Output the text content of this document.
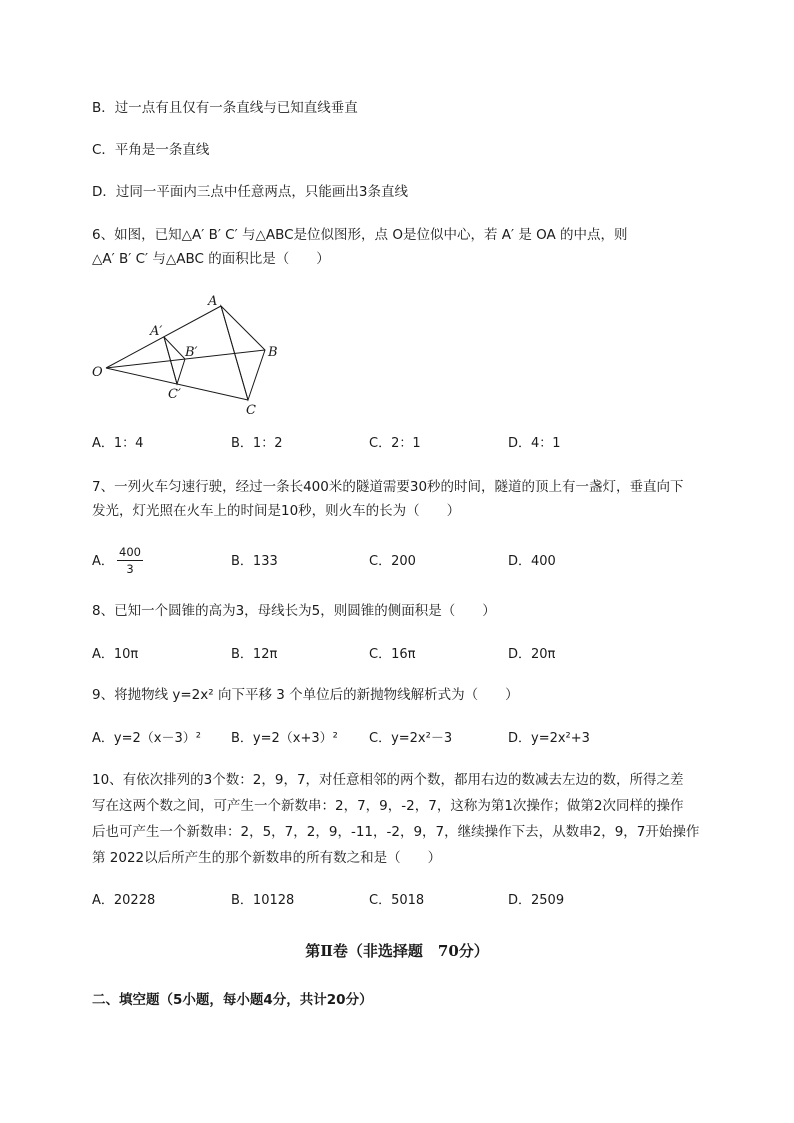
B．过一点有且仅有一条直线与已知直线垂直
C．平角是一条直线
D．过同一平面内三点中任意两点，只能画出3条直线
6、如图，已知△A′ B′ C′ 与△ABC是位似图形，点 O是位似中心，若 A′ 是 OA 的中点，则
△A′ B′ C′ 与△ABC 的面积比是（　　）
O
A
B
C
A′
B′
C′
A．1：4	B．1：2	C．2：1	D．4：1
7、一列火车匀速行驶，经过一条长400米的隧道需要30秒的时间，隧道的顶上有一盏灯，垂直向下
发光，灯光照在火车上的时间是10秒，则火车的长为（　　）
A．
400
3	B．133	C．200	D．400
8、已知一个圆锥的高为3，母线长为5，则圆锥的侧面积是（　　）
A．10π	B．12π	C．16π	D．20π
9、将抛物线 y=2x² 向下平移 3 个单位后的新抛物线解析式为（　　）
A．y=2（x－3）² B．y=2（x+3）² C．y=2x²－3	D．y=2x²+3
10、有依次排列的3个数：2，9，7，对任意相邻的两个数，都用右边的数减去左边的数，所得之差
写在这两个数之间，可产生一个新数串：2，7，9，-2，7，这称为第1次操作；做第2次同样的操作
后也可产生一个新数串：2，5，7，2，9，-11，-2，9，7，继续操作下去，从数串2，9，7开始操作
第 2022以后所产生的那个新数串的所有数之和是（　　）
A．20228	B．10128	C．5018	D．2509
第Ⅱ卷（非选择题　70分）
二、填空题（5小题，每小题4分，共计20分）
